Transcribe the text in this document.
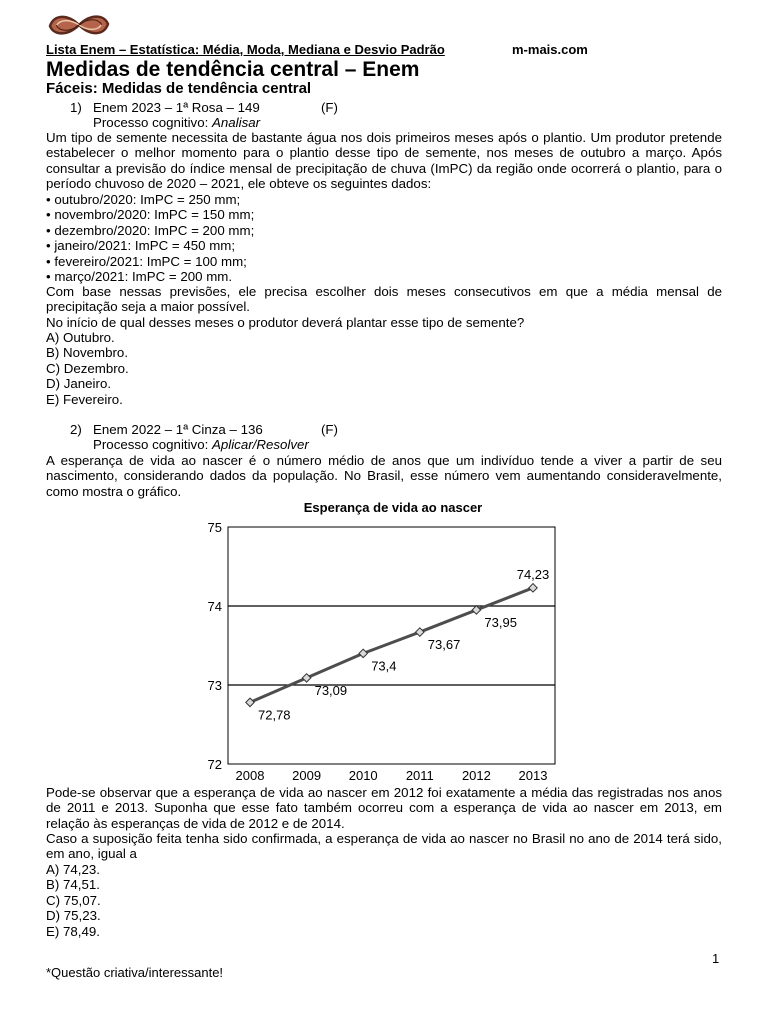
Lista Enem – Estatística: Média, Moda, Mediana e Desvio Padrão	m-mais.com
Medidas de tendência central – Enem
Fáceis: Medidas de tendência central
1) Enem 2023 – 1ª Rosa – 149	(F)
Processo cognitivo: Analisar
Um tipo de semente necessita de bastante água nos dois primeiros meses após o plantio. Um produtor pretende estabelecer o melhor momento para o plantio desse tipo de semente, nos meses de outubro a março. Após consultar a previsão do índice mensal de precipitação de chuva (ImPC) da região onde ocorrerá o plantio, para o período chuvoso de 2020 – 2021, ele obteve os seguintes dados:
• outubro/2020: ImPC = 250 mm;
• novembro/2020: ImPC = 150 mm;
• dezembro/2020: ImPC = 200 mm;
• janeiro/2021: ImPC = 450 mm;
• fevereiro/2021: ImPC = 100 mm;
• março/2021: ImPC = 200 mm.
Com base nessas previsões, ele precisa escolher dois meses consecutivos em que a média mensal de precipitação seja a maior possível.
No início de qual desses meses o produtor deverá plantar esse tipo de semente?
A) Outubro.
B) Novembro.
C) Dezembro.
D) Janeiro.
E) Fevereiro.
2) Enem 2022 – 1ª Cinza – 136	(F)
Processo cognitivo: Aplicar/Resolver
A esperança de vida ao nascer é o número médio de anos que um indivíduo tende a viver a partir de seu nascimento, considerando dados da população. No Brasil, esse número vem aumentando consideravelmente, como mostra o gráfico.
Esperança de vida ao nascer
72
73
74
75
2008 2009 2010 2011 2012 2013
72,78
73,09
73,4
73,67
73,95
74,23
Pode-se observar que a esperança de vida ao nascer em 2012 foi exatamente a média das registradas nos anos de 2011 e 2013. Suponha que esse fato também ocorreu com a esperança de vida ao nascer em 2013, em relação às esperanças de vida de 2012 e de 2014.
Caso a suposição feita tenha sido confirmada, a esperança de vida ao nascer no Brasil no ano de 2014 terá sido, em ano, igual a
A) 74,23.
B) 74,51.
C) 75,07.
D) 75,23.
E) 78,49.
1
*Questão criativa/interessante!
